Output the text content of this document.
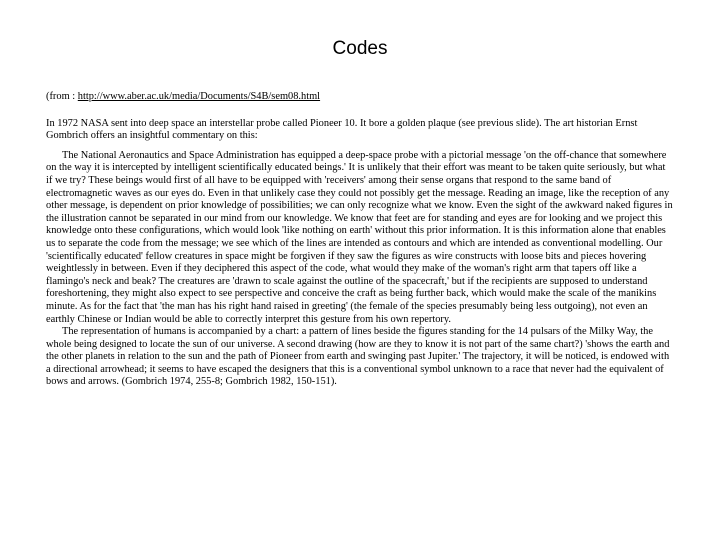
Codes

(from : http://www.aber.ac.uk/media/Documents/S4B/sem08.html

In 1972 NASA sent into deep space an interstellar probe called Pioneer 10. It bore a golden plaque (see previous slide). The art historian Ernst Gombrich offers an insightful commentary on this:

The National Aeronautics and Space Administration has equipped a deep-space probe with a pictorial message 'on the off-chance that somewhere on the way it is intercepted by intelligent scientifically educated beings.' It is unlikely that their effort was meant to be taken quite seriously, but what if we try? These beings would first of all have to be equipped with 'receivers' among their sense organs that respond to the same band of electromagnetic waves as our eyes do. Even in that unlikely case they could not possibly get the message. Reading an image, like the reception of any other message, is dependent on prior knowledge of possibilities; we can only recognize what we know. Even the sight of the awkward naked figures in the illustration cannot be separated in our mind from our knowledge. We know that feet are for standing and eyes are for looking and we project this knowledge onto these configurations, which would look 'like nothing on earth' without this prior information. It is this information alone that enables us to separate the code from the message; we see which of the lines are intended as contours and which are intended as conventional modelling. Our 'scientifically educated' fellow creatures in space might be forgiven if they saw the figures as wire constructs with loose bits and pieces hovering weightlessly in between. Even if they deciphered this aspect of the code, what would they make of the woman's right arm that tapers off like a flamingo's neck and beak? The creatures are 'drawn to scale against the outline of the spacecraft,' but if the recipients are supposed to understand foreshortening, they might also expect to see perspective and conceive the craft as being further back, which would make the scale of the manikins minute. As for the fact that 'the man has his right hand raised in greeting' (the female of the species presumably being less outgoing), not even an earthly Chinese or Indian would be able to correctly interpret this gesture from his own repertory.

The representation of humans is accompanied by a chart: a pattern of lines beside the figures standing for the 14 pulsars of the Milky Way, the whole being designed to locate the sun of our universe. A second drawing (how are they to know it is not part of the same chart?) 'shows the earth and the other planets in relation to the sun and the path of Pioneer from earth and swinging past Jupiter.' The trajectory, it will be noticed, is endowed with a directional arrowhead; it seems to have escaped the designers that this is a conventional symbol unknown to a race that never had the equivalent of bows and arrows. (Gombrich 1974, 255-8; Gombrich 1982, 150-151).
